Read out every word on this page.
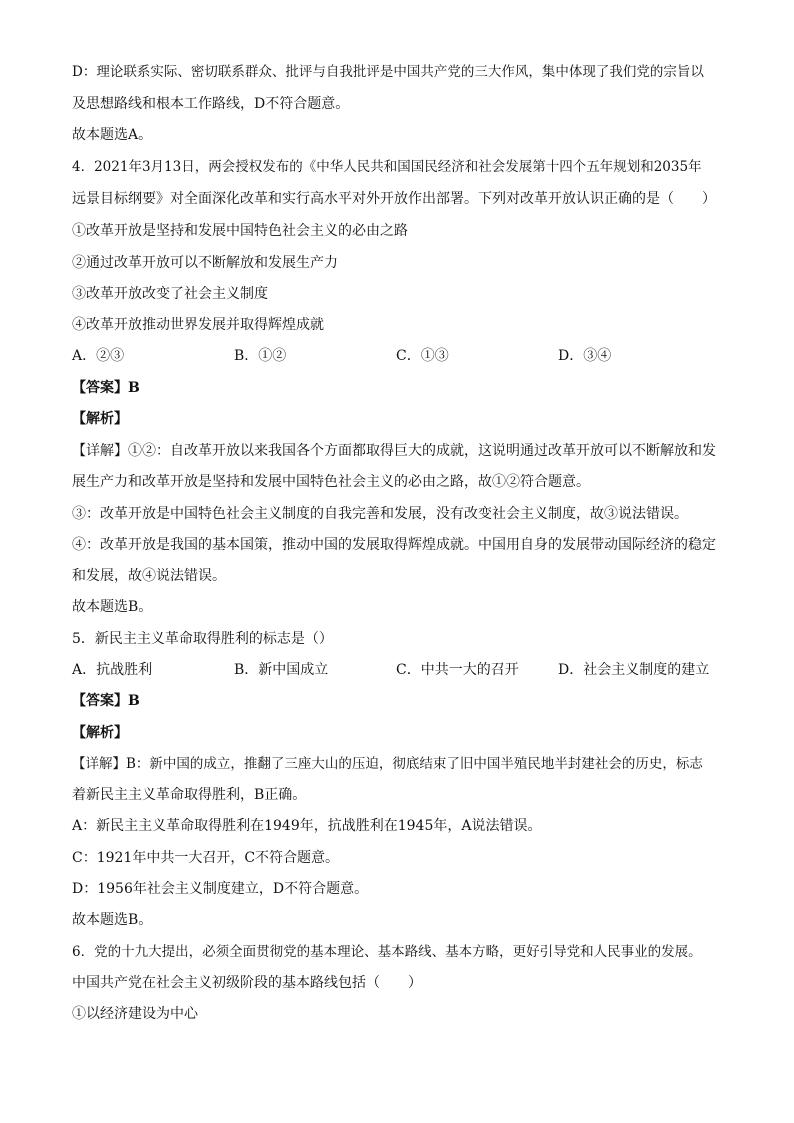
D：理论联系实际、密切联系群众、批评与自我批评是中国共产党的三大作风，集中体现了我们党的宗旨以
及思想路线和根本工作路线，D不符合题意。
故本题选A。
4．2021年3月13日，两会授权发布的《中华人民共和国国民经济和社会发展第十四个五年规划和2035年
远景目标纲要》对全面深化改革和实行高水平对外开放作出部署。下列对改革开放认识正确的是（　　）
①改革开放是坚持和发展中国特色社会主义的必由之路
②通过改革开放可以不断解放和发展生产力
③改革开放改变了社会主义制度
④改革开放推动世界发展并取得辉煌成就
A．②③	B．①②	C．①③	D．③④
【答案】B
【解析】
【详解】①②：自改革开放以来我国各个方面都取得巨大的成就，这说明通过改革开放可以不断解放和发
展生产力和改革开放是坚持和发展中国特色社会主义的必由之路，故①②符合题意。
③：改革开放是中国特色社会主义制度的自我完善和发展，没有改变社会主义制度，故③说法错误。
④：改革开放是我国的基本国策，推动中国的发展取得辉煌成就。中国用自身的发展带动国际经济的稳定
和发展，故④说法错误。
故本题选B。
5．新民主主义革命取得胜利的标志是（）
A．抗战胜利	B．新中国成立	C．中共一大的召开	D．社会主义制度的建立
【答案】B
【解析】
【详解】B：新中国的成立，推翻了三座大山的压迫，彻底结束了旧中国半殖民地半封建社会的历史，标志
着新民主主义革命取得胜利，B正确。
A：新民主主义革命取得胜利在1949年，抗战胜利在1945年，A说法错误。
C：1921年中共一大召开，C不符合题意。
D：1956年社会主义制度建立，D不符合题意。
故本题选B。
6．党的十九大提出，必须全面贯彻党的基本理论、基本路线、基本方略，更好引导党和人民事业的发展。
中国共产党在社会主义初级阶段的基本路线包括（　　）
①以经济建设为中心
